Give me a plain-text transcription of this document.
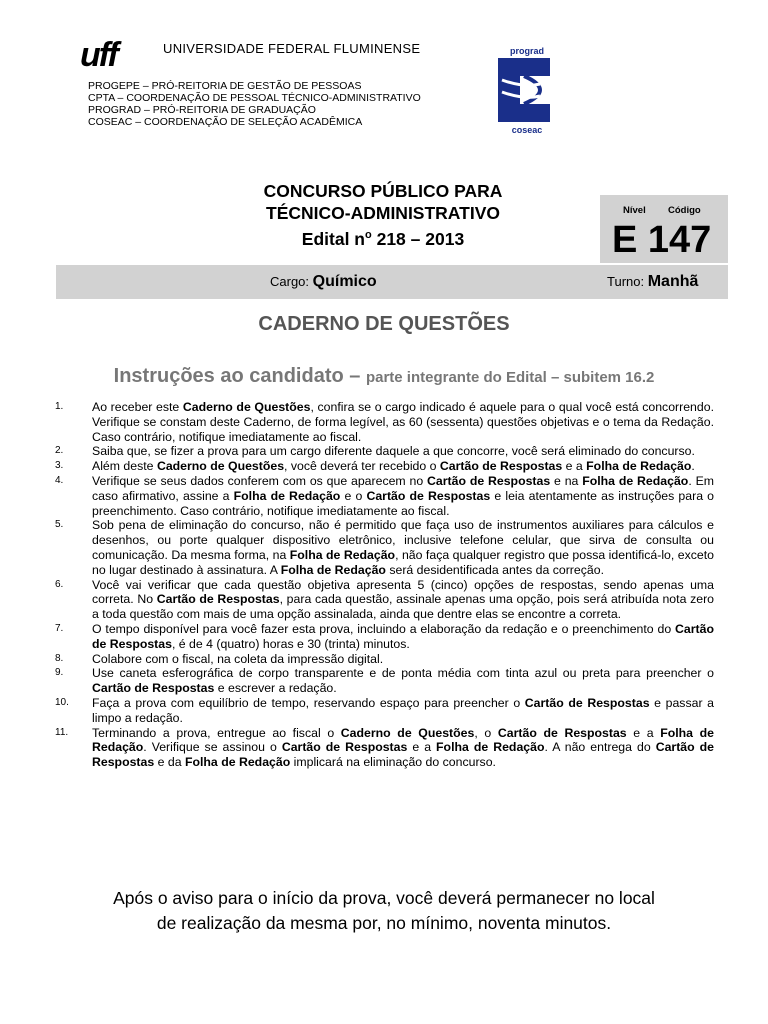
uff	UNIVERSIDADE FEDERAL FLUMINENSE
PROGEPE – PRÓ-REITORIA DE GESTÃO DE PESSOAS
CPTA – COORDENAÇÃO DE PESSOAL TÉCNICO-ADMINISTRATIVO
PROGRAD – PRÓ-REITORIA DE GRADUAÇÃO
COSEAC – COORDENAÇÃO DE SELEÇÃO ACADÊMICA
prograd
coseac
CONCURSO PÚBLICO PARA
TÉCNICO-ADMINISTRATIVO
Edital $n^o$ 218 – 2013
Nível Código
E 147
Cargo: Químico	Turno: Manhã
CADERNO DE QUESTÕES
Instruções ao candidato – parte integrante do Edital – subitem 16.2
1.	Ao receber este Caderno de Questões, confira se o cargo indicado é aquele para o qual você está concorrendo. Verifique se constam deste Caderno, de forma legível, as 60 (sessenta) questões objetivas e o tema da Redação. Caso contrário, notifique imediatamente ao fiscal.
2.	Saiba que, se fizer a prova para um cargo diferente daquele a que concorre, você será eliminado do concurso.
3.	Além deste Caderno de Questões, você deverá ter recebido o Cartão de Respostas e a Folha de Redação.
4.	Verifique se seus dados conferem com os que aparecem no Cartão de Respostas e na Folha de Redação. Em caso afirmativo, assine a Folha de Redação e o Cartão de Respostas e leia atentamente as instruções para o preenchimento. Caso contrário, notifique imediatamente ao fiscal.
5.	Sob pena de eliminação do concurso, não é permitido que faça uso de instrumentos auxiliares para cálculos e desenhos, ou porte qualquer dispositivo eletrônico, inclusive telefone celular, que sirva de consulta ou comunicação. Da mesma forma, na Folha de Redação, não faça qualquer registro que possa identificá-lo, exceto no lugar destinado à assinatura. A Folha de Redação será desidentificada antes da correção.
6.	Você vai verificar que cada questão objetiva apresenta 5 (cinco) opções de respostas, sendo apenas uma correta. No Cartão de Respostas, para cada questão, assinale apenas uma opção, pois será atribuída nota zero a toda questão com mais de uma opção assinalada, ainda que dentre elas se encontre a correta.
7.	O tempo disponível para você fazer esta prova, incluindo a elaboração da redação e o preenchimento do Cartão de Respostas, é de 4 (quatro) horas e 30 (trinta) minutos.
8.	Colabore com o fiscal, na coleta da impressão digital.
9.	Use caneta esferográfica de corpo transparente e de ponta média com tinta azul ou preta para preencher o Cartão de Respostas e escrever a redação.
10.	Faça a prova com equilíbrio de tempo, reservando espaço para preencher o Cartão de Respostas e passar a limpo a redação.
11.	Terminando a prova, entregue ao fiscal o Caderno de Questões, o Cartão de Respostas e a Folha de Redação. Verifique se assinou o Cartão de Respostas e a Folha de Redação. A não entrega do Cartão de Respostas e da Folha de Redação implicará na eliminação do concurso.
Após o aviso para o início da prova, você deverá permanecer no local
de realização da mesma por, no mínimo, noventa minutos.
